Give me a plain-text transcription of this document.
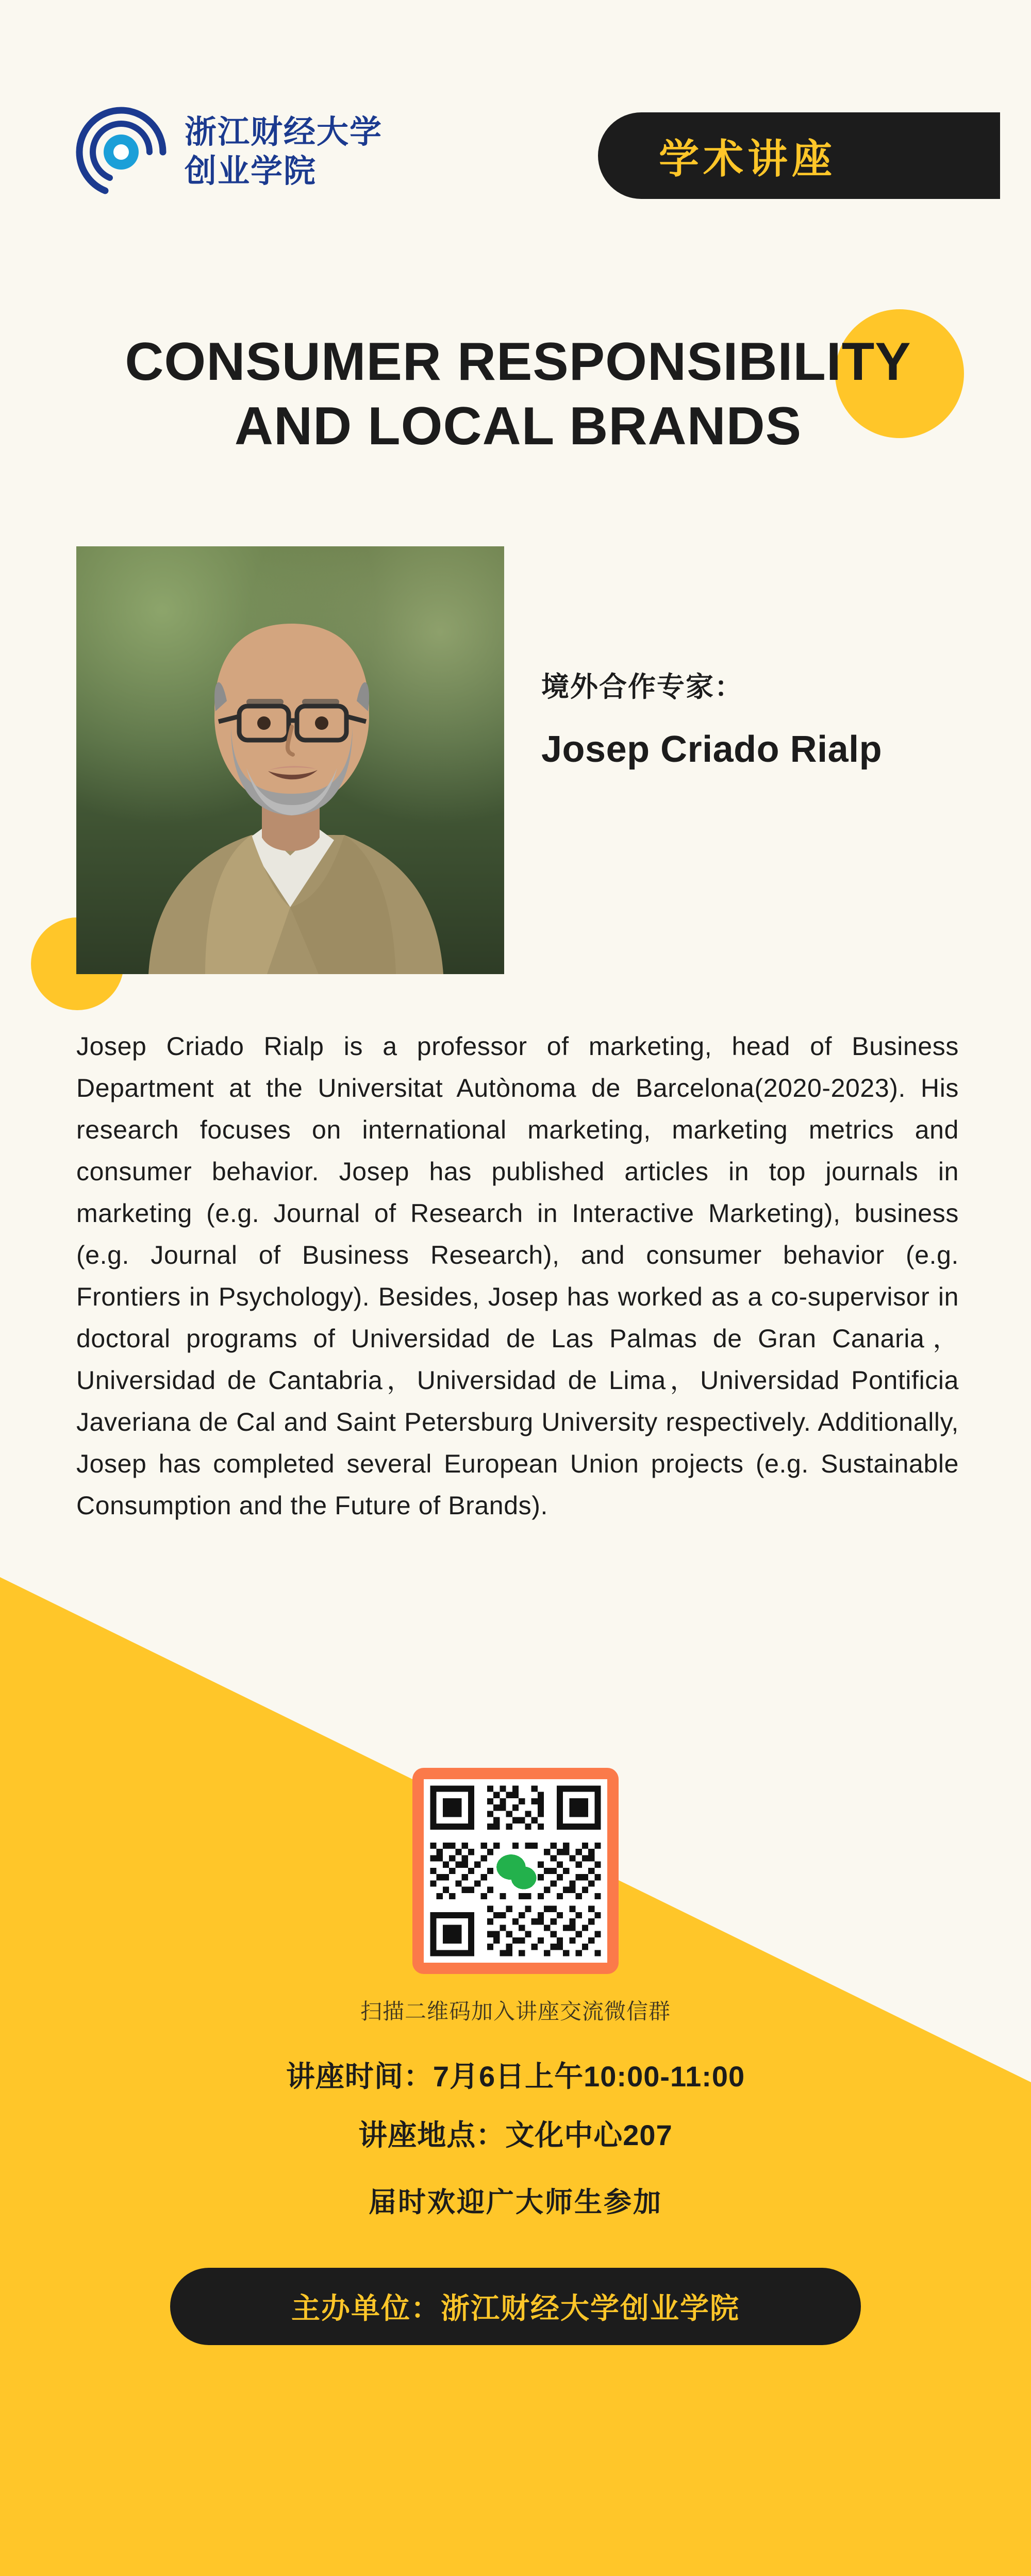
浙江财经大学
创业学院	学术讲座
CONSUMER RESPONSIBILITY
AND LOCAL BRANDS
境外合作专家：
Josep Criado Rialp
Josep Criado Rialp is a professor of marketing, head of Business Department at the Universitat Autònoma de Barcelona(2020-2023). His research focuses on international marketing, marketing metrics and consumer behavior. Josep has published articles in top journals in marketing (e.g. Journal of Research in Interactive Marketing), business (e.g. Journal of Business Research), and consumer behavior (e.g. Frontiers in Psychology). Besides, Josep has worked as a co-supervisor in doctoral programs of Universidad de Las Palmas de Gran Canaria，Universidad de Cantabria，Universidad de Lima，Universidad Pontificia Javeriana de Cal and Saint Petersburg University respectively. Additionally, Josep has completed several European Union projects (e.g. Sustainable Consumption and the Future of Brands).
扫描二维码加入讲座交流微信群
讲座时间：7月6日上午10:00-11:00
讲座地点：文化中心207
届时欢迎广大师生参加
主办单位：浙江财经大学创业学院
